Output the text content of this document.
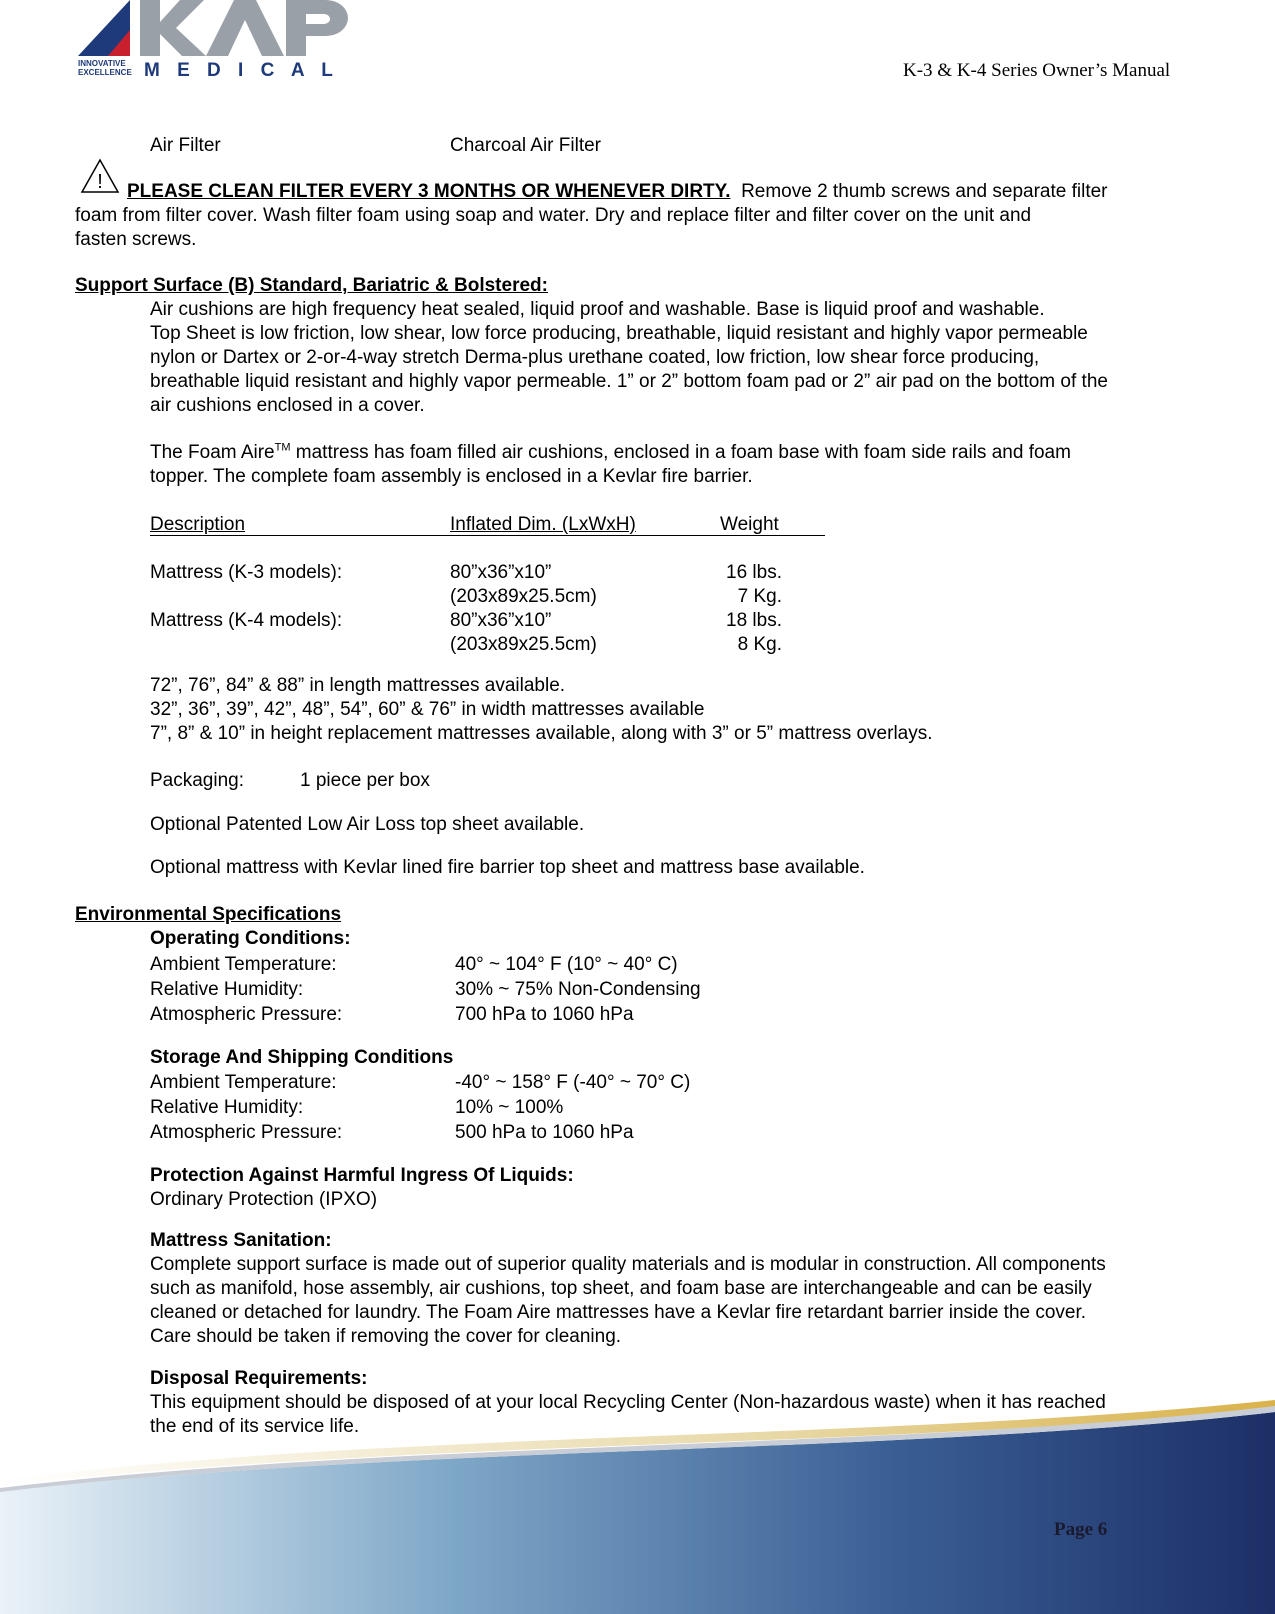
INNOVATIVE
EXCELLENCE M E D I C A L	K-3 & K-4 Series Owner’s Manual
Air Filter	Charcoal Air Filter
! PLEASE CLEAN FILTER EVERY 3 MONTHS OR WHENEVER DIRTY. Remove 2 thumb screws and separate filter
foam from filter cover. Wash filter foam using soap and water. Dry and replace filter and filter cover on the unit and
fasten screws.
Support Surface (B) Standard, Bariatric & Bolstered:
Air cushions are high frequency heat sealed, liquid proof and washable. Base is liquid proof and washable.
Top Sheet is low friction, low shear, low force producing, breathable, liquid resistant and highly vapor permeable
nylon or Dartex or 2-or-4-way stretch Derma-plus urethane coated, low friction, low shear force producing,
breathable liquid resistant and highly vapor permeable. 1” or 2” bottom foam pad or 2” air pad on the bottom of the
air cushions enclosed in a cover.
The Foam Aire™ mattress has foam filled air cushions, enclosed in a foam base with foam side rails and foam
topper. The complete foam assembly is enclosed in a Kevlar fire barrier.
Description	Inflated Dim. (LxWxH)	Weight
Mattress (K-3 models):	80”x36”x10”	16 lbs.
(203x89x25.5cm)	7 Kg.
Mattress (K-4 models):	80”x36”x10”	18 lbs.
(203x89x25.5cm)	8 Kg.
72”, 76”, 84” & 88” in length mattresses available.
32”, 36”, 39”, 42”, 48”, 54”, 60” & 76” in width mattresses available
7”, 8” & 10” in height replacement mattresses available, along with 3” or 5” mattress overlays.
Packaging:	1 piece per box
Optional Patented Low Air Loss top sheet available.
Optional mattress with Kevlar lined fire barrier top sheet and mattress base available.
Environmental Specifications
Operating Conditions:
Ambient Temperature:	40° ~ 104° F (10° ~ 40° C)
Relative Humidity:	30% ~ 75% Non-Condensing
Atmospheric Pressure:	700 hPa to 1060 hPa
Storage And Shipping Conditions
Ambient Temperature:	-40° ~ 158° F (-40° ~ 70° C)
Relative Humidity:	10% ~ 100%
Atmospheric Pressure:	500 hPa to 1060 hPa
Protection Against Harmful Ingress Of Liquids:
Ordinary Protection (IPXO)
Mattress Sanitation:
Complete support surface is made out of superior quality materials and is modular in construction. All components
such as manifold, hose assembly, air cushions, top sheet, and foam base are interchangeable and can be easily
cleaned or detached for laundry. The Foam Aire mattresses have a Kevlar fire retardant barrier inside the cover.
Care should be taken if removing the cover for cleaning.
Disposal Requirements:
This equipment should be disposed of at your local Recycling Center (Non-hazardous waste) when it has reached
the end of its service life.
Page 6
